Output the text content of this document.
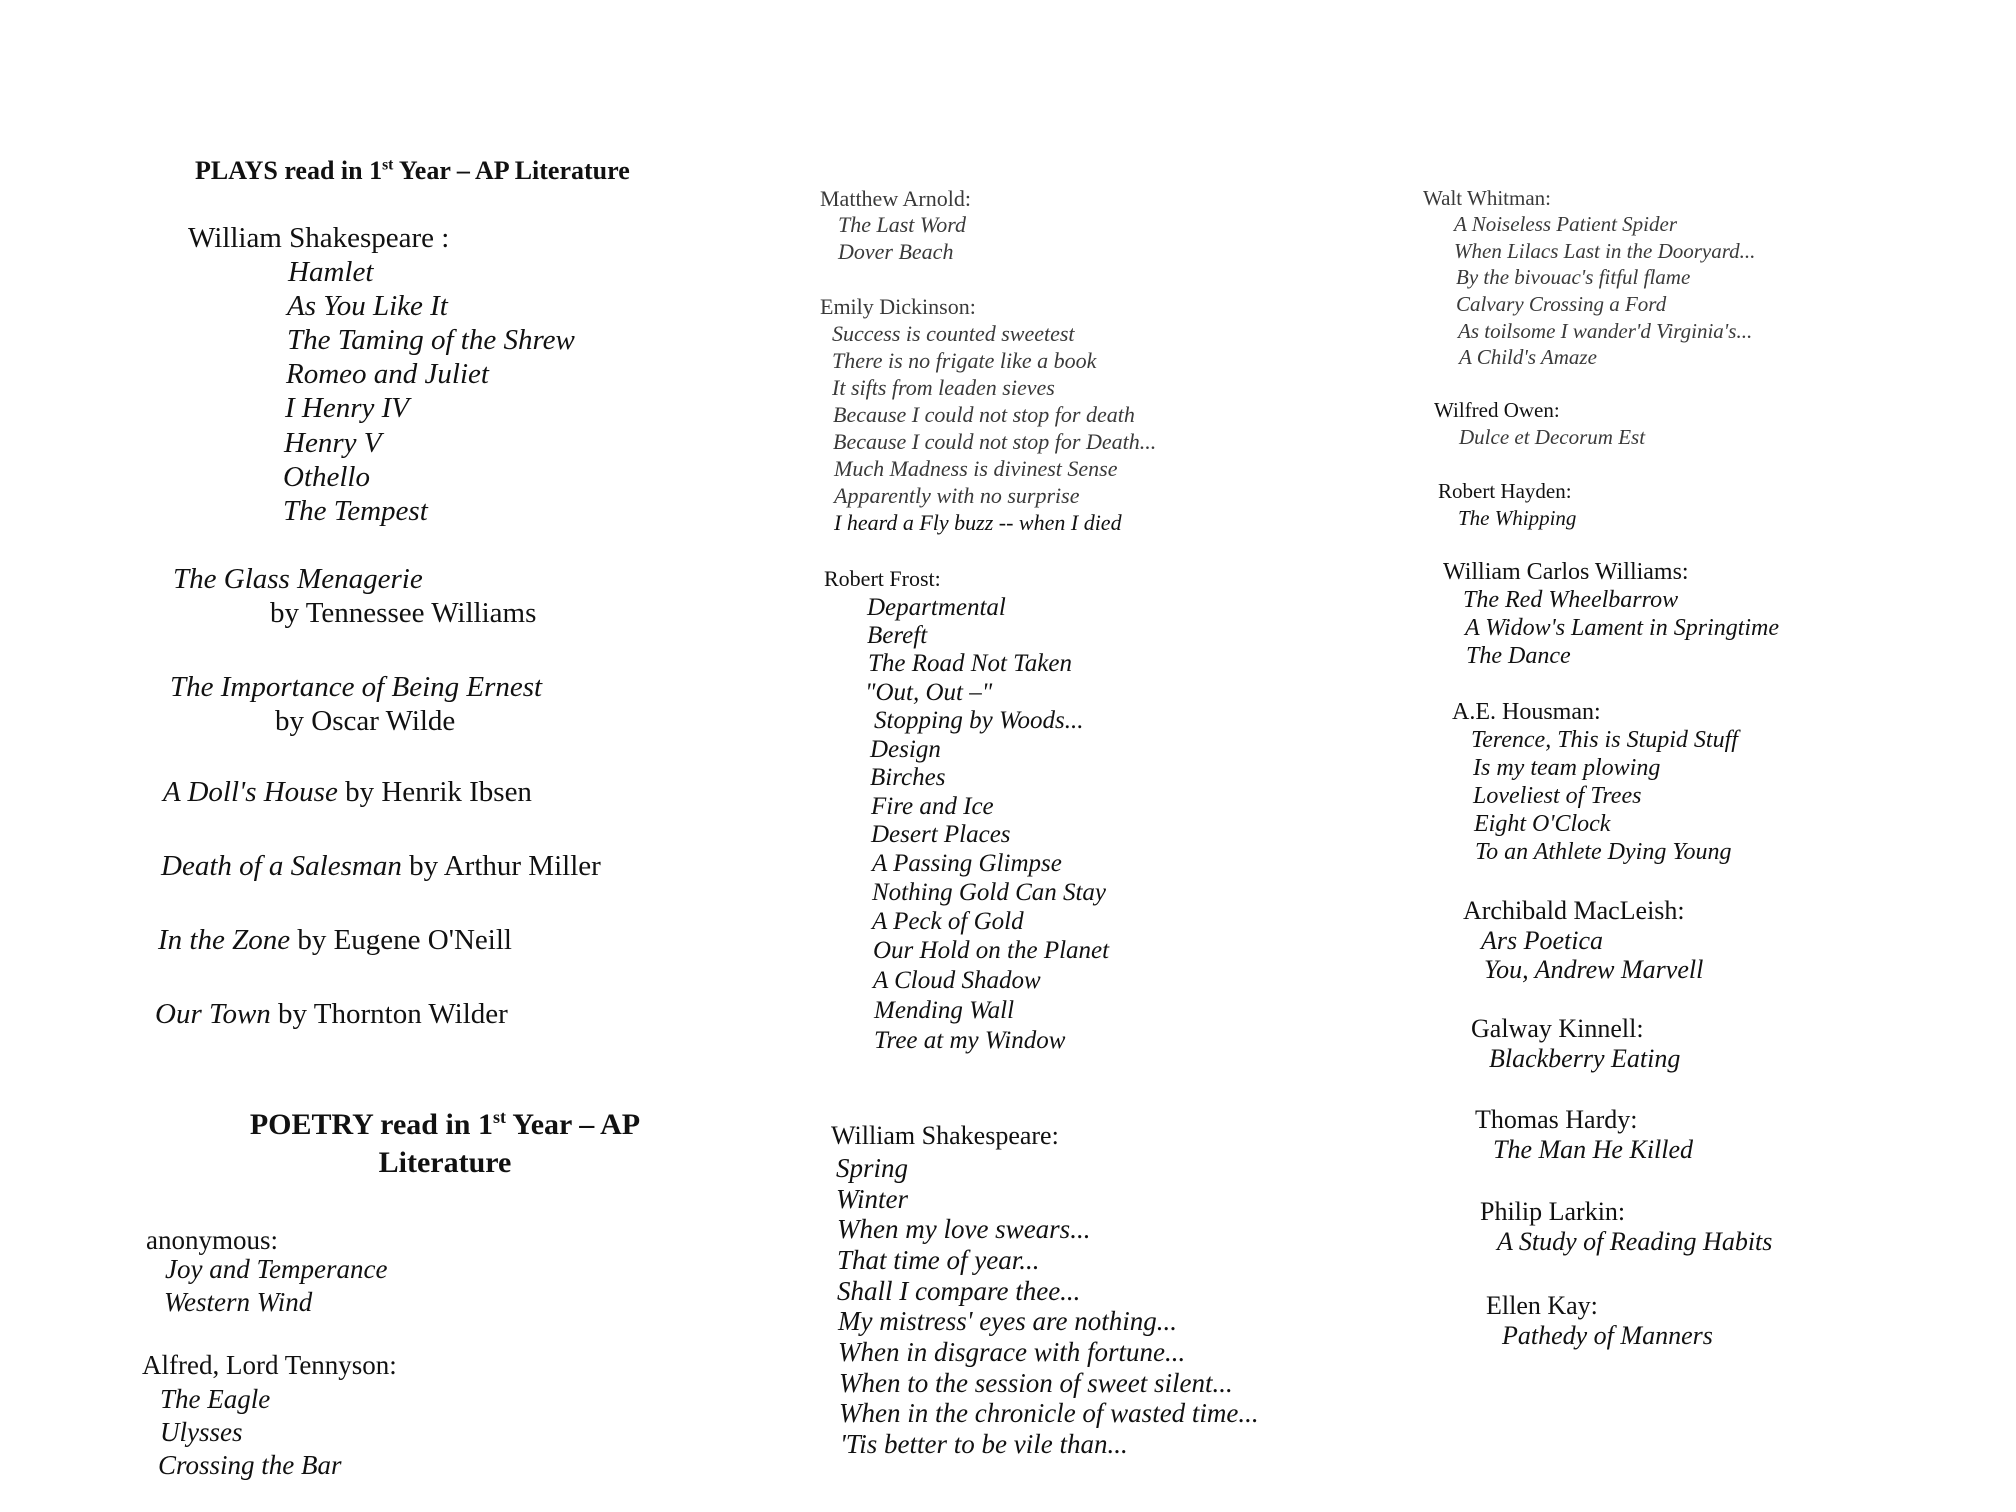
PLAYS read in 1st Year – AP Literature
William Shakespeare :
Hamlet
As You Like It
The Taming of the Shrew
Romeo and Juliet
I Henry IV
Henry V
Othello
The Tempest
The Glass Menagerie
by Tennessee Williams
The Importance of Being Ernest
by Oscar Wilde
A Doll's House by Henrik Ibsen
Death of a Salesman by Arthur Miller
In the Zone by Eugene O'Neill
Our Town by Thornton Wilder
POETRY read in 1st Year – AP
Literature
anonymous:
Joy and Temperance
Western Wind
Alfred, Lord Tennyson:
The Eagle
Ulysses
Crossing the Bar
Matthew Arnold:
The Last Word
Dover Beach
Emily Dickinson:
Success is counted sweetest
There is no frigate like a book
It sifts from leaden sieves
Because I could not stop for death
Because I could not stop for Death...
Much Madness is divinest Sense
Apparently with no surprise
I heard a Fly buzz -- when I died
Robert Frost:
Departmental
Bereft
The Road Not Taken
"Out, Out –"
Stopping by Woods...
Design
Birches
Fire and Ice
Desert Places
A Passing Glimpse
Nothing Gold Can Stay
A Peck of Gold
Our Hold on the Planet
A Cloud Shadow
Mending Wall
Tree at my Window
William Shakespeare:
Spring
Winter
When my love swears...
That time of year...
Shall I compare thee...
My mistress' eyes are nothing...
When in disgrace with fortune...
When to the session of sweet silent...
When in the chronicle of wasted time...
'Tis better to be vile than...
Walt Whitman:
A Noiseless Patient Spider
When Lilacs Last in the Dooryard...
By the bivouac's fitful flame
Calvary Crossing a Ford
As toilsome I wander'd Virginia's...
A Child's Amaze
Wilfred Owen:
Dulce et Decorum Est
Robert Hayden:
The Whipping
William Carlos Williams:
The Red Wheelbarrow
A Widow's Lament in Springtime
The Dance
A.E. Housman:
Terence, This is Stupid Stuff
Is my team plowing
Loveliest of Trees
Eight O'Clock
To an Athlete Dying Young
Archibald MacLeish:
Ars Poetica
You, Andrew Marvell
Galway Kinnell:
Blackberry Eating
Thomas Hardy:
The Man He Killed
Philip Larkin:
A Study of Reading Habits
Ellen Kay:
Pathedy of Manners
